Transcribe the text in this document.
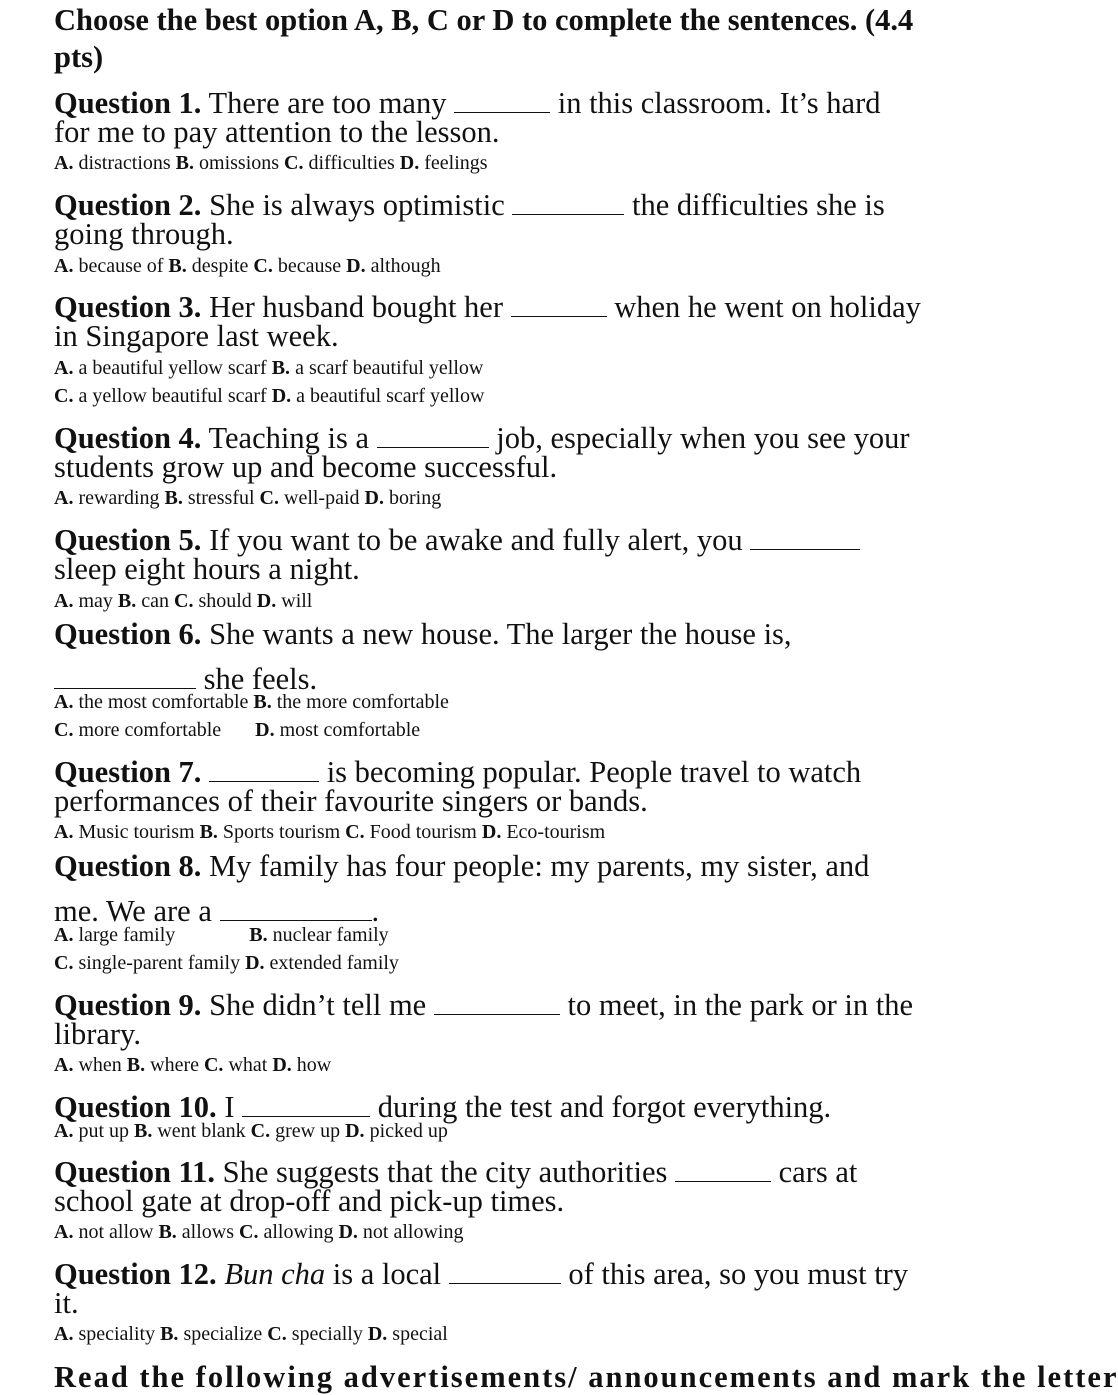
Choose the best option A, B, C or D to complete the sentences. (4.4
pts)
Question 1. There are too many	in this classroom. It’s hard
for me to pay attention to the lesson.
A. distractions B. omissions C. difficulties D. feelings
Question 2. She is always optimistic	the difficulties she is
going through.
A. because of B. despite C. because D. although
Question 3. Her husband bought her	when he went on holiday
in Singapore last week.
A. a beautiful yellow scarf B. a scarf beautiful yellow
C. a yellow beautiful scarf D. a beautiful scarf yellow
Question 4. Teaching is a	job, especially when you see your
students grow up and become successful.
A. rewarding B. stressful C. well-paid D. boring
Question 5. If you want to be awake and fully alert, you
sleep eight hours a night.
A. may B. can C. should D. will
Question 6. She wants a new house. The larger the house is,
she feels.
A. the most comfortable B. the more comfortable
C. more comfortable D. most comfortable
Question 7.	is becoming popular. People travel to watch
performances of their favourite singers or bands.
A. Music tourism B. Sports tourism C. Food tourism D. Eco-tourism
Question 8. My family has four people: my parents, my sister, and
me. We are a	.
A. large family	B. nuclear family
C. single-parent family D. extended family
Question 9. She didn’t tell me	to meet, in the park or in the
library.
A. when B. where C. what D. how
Question 10. I	during the test and forgot everything.
A. put up B. went blank C. grew up D. picked up
Question 11. She suggests that the city authorities	cars at
school gate at drop-off and pick-up times.
A. not allow B. allows C. allowing D. not allowing
Question 12. Bun cha is a local	of this area, so you must try
it.
A. speciality B. specialize C. specially D. special
Read the following advertisements/ announcements and mark the letter
